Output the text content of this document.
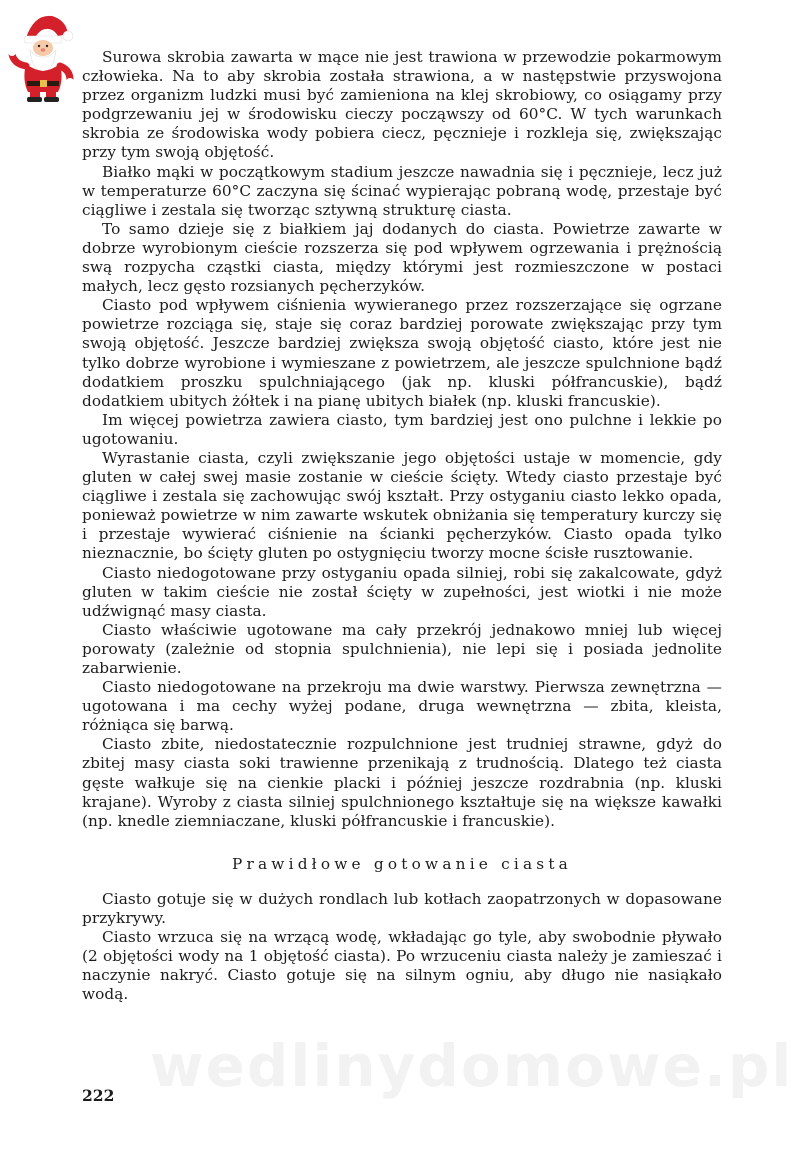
Surowa skrobia zawarta w mące nie jest trawiona w przewodzie pokarmowym człowieka. Na to aby skrobia została strawiona, a w następstwie przyswojona przez organizm ludzki musi być zamieniona na klej skrobiowy, co osiągamy przy podgrzewaniu jej w środowisku cieczy począwszy od 60°C. W tych warunkach skrobia ze środowiska wody pobiera ciecz, pęcznieje i rozkleja się, zwiększając przy tym swoją objętość.

Białko mąki w początkowym stadium jeszcze nawadnia się i pęcznieje, lecz już w temperaturze 60°C zaczyna się ścinać wypierając pobraną wodę, przestaje być ciągliwe i zestala się tworząc sztywną strukturę ciasta.

To samo dzieje się z białkiem jaj dodanych do ciasta. Powietrze zawarte w dobrze wyrobionym cieście rozszerza się pod wpływem ogrzewania i prężnością swą rozpycha cząstki ciasta, między którymi jest rozmieszczone w postaci małych, lecz gęsto rozsianych pęcherzyków.

Ciasto pod wpływem ciśnienia wywieranego przez rozszerzające się ogrzane powietrze rozciąga się, staje się coraz bardziej porowate zwiększając przy tym swoją objętość. Jeszcze bardziej zwiększa swoją objętość ciasto, które jest nie tylko dobrze wyrobione i wymieszane z powietrzem, ale jeszcze spulchnione bądź dodatkiem proszku spulchniającego (jak np. kluski półfrancuskie), bądź dodatkiem ubitych żółtek i na pianę ubitych białek (np. kluski francuskie).

Im więcej powietrza zawiera ciasto, tym bardziej jest ono pulchne i lekkie po ugotowaniu.

Wyrastanie ciasta, czyli zwiększanie jego objętości ustaje w momencie, gdy gluten w całej swej masie zostanie w cieście ścięty. Wtedy ciasto przestaje być ciągliwe i zestala się zachowując swój kształt. Przy ostyganiu ciasto lekko opada, ponieważ powietrze w nim zawarte wskutek obniżania się temperatury kurczy się i przestaje wywierać ciśnienie na ścianki pęcherzyków. Ciasto opada tylko nieznacznie, bo ścięty gluten po ostygnięciu tworzy mocne ścisłe rusztowanie.

Ciasto niedogotowane przy ostyganiu opada silniej, robi się zakalcowate, gdyż gluten w takim cieście nie został ścięty w zupełności, jest wiotki i nie może udźwignąć masy ciasta.

Ciasto właściwie ugotowane ma cały przekrój jednakowo mniej lub więcej porowaty (zależnie od stopnia spulchnienia), nie lepi się i posiada jednolite zabarwienie.

Ciasto niedogotowane na przekroju ma dwie warstwy. Pierwsza zewnętrzna — ugotowana i ma cechy wyżej podane, druga wewnętrzna — zbita, kleista, różniąca się barwą.

Ciasto zbite, niedostatecznie rozpulchnione jest trudniej strawne, gdyż do zbitej masy ciasta soki trawienne przenikają z trudnością. Dlatego też ciasta gęste wałkuje się na cienkie placki i później jeszcze rozdrabnia (np. kluski krajane). Wyroby z ciasta silniej spulchnionego kształtuje się na większe kawałki (np. knedle ziemniaczane, kluski półfrancuskie i francuskie).

Prawidłowe gotowanie ciasta

Ciasto gotuje się w dużych rondlach lub kotłach zaopatrzonych w dopasowane przykrywy.

Ciasto wrzuca się na wrzącą wodę, wkładając go tyle, aby swobodnie pływało (2 objętości wody na 1 objętość ciasta). Po wrzuceniu ciasta należy je zamieszać i naczynie nakryć. Ciasto gotuje się na silnym ogniu, aby długo nie nasiąkało wodą.

wedlinydomowe.pl
222
